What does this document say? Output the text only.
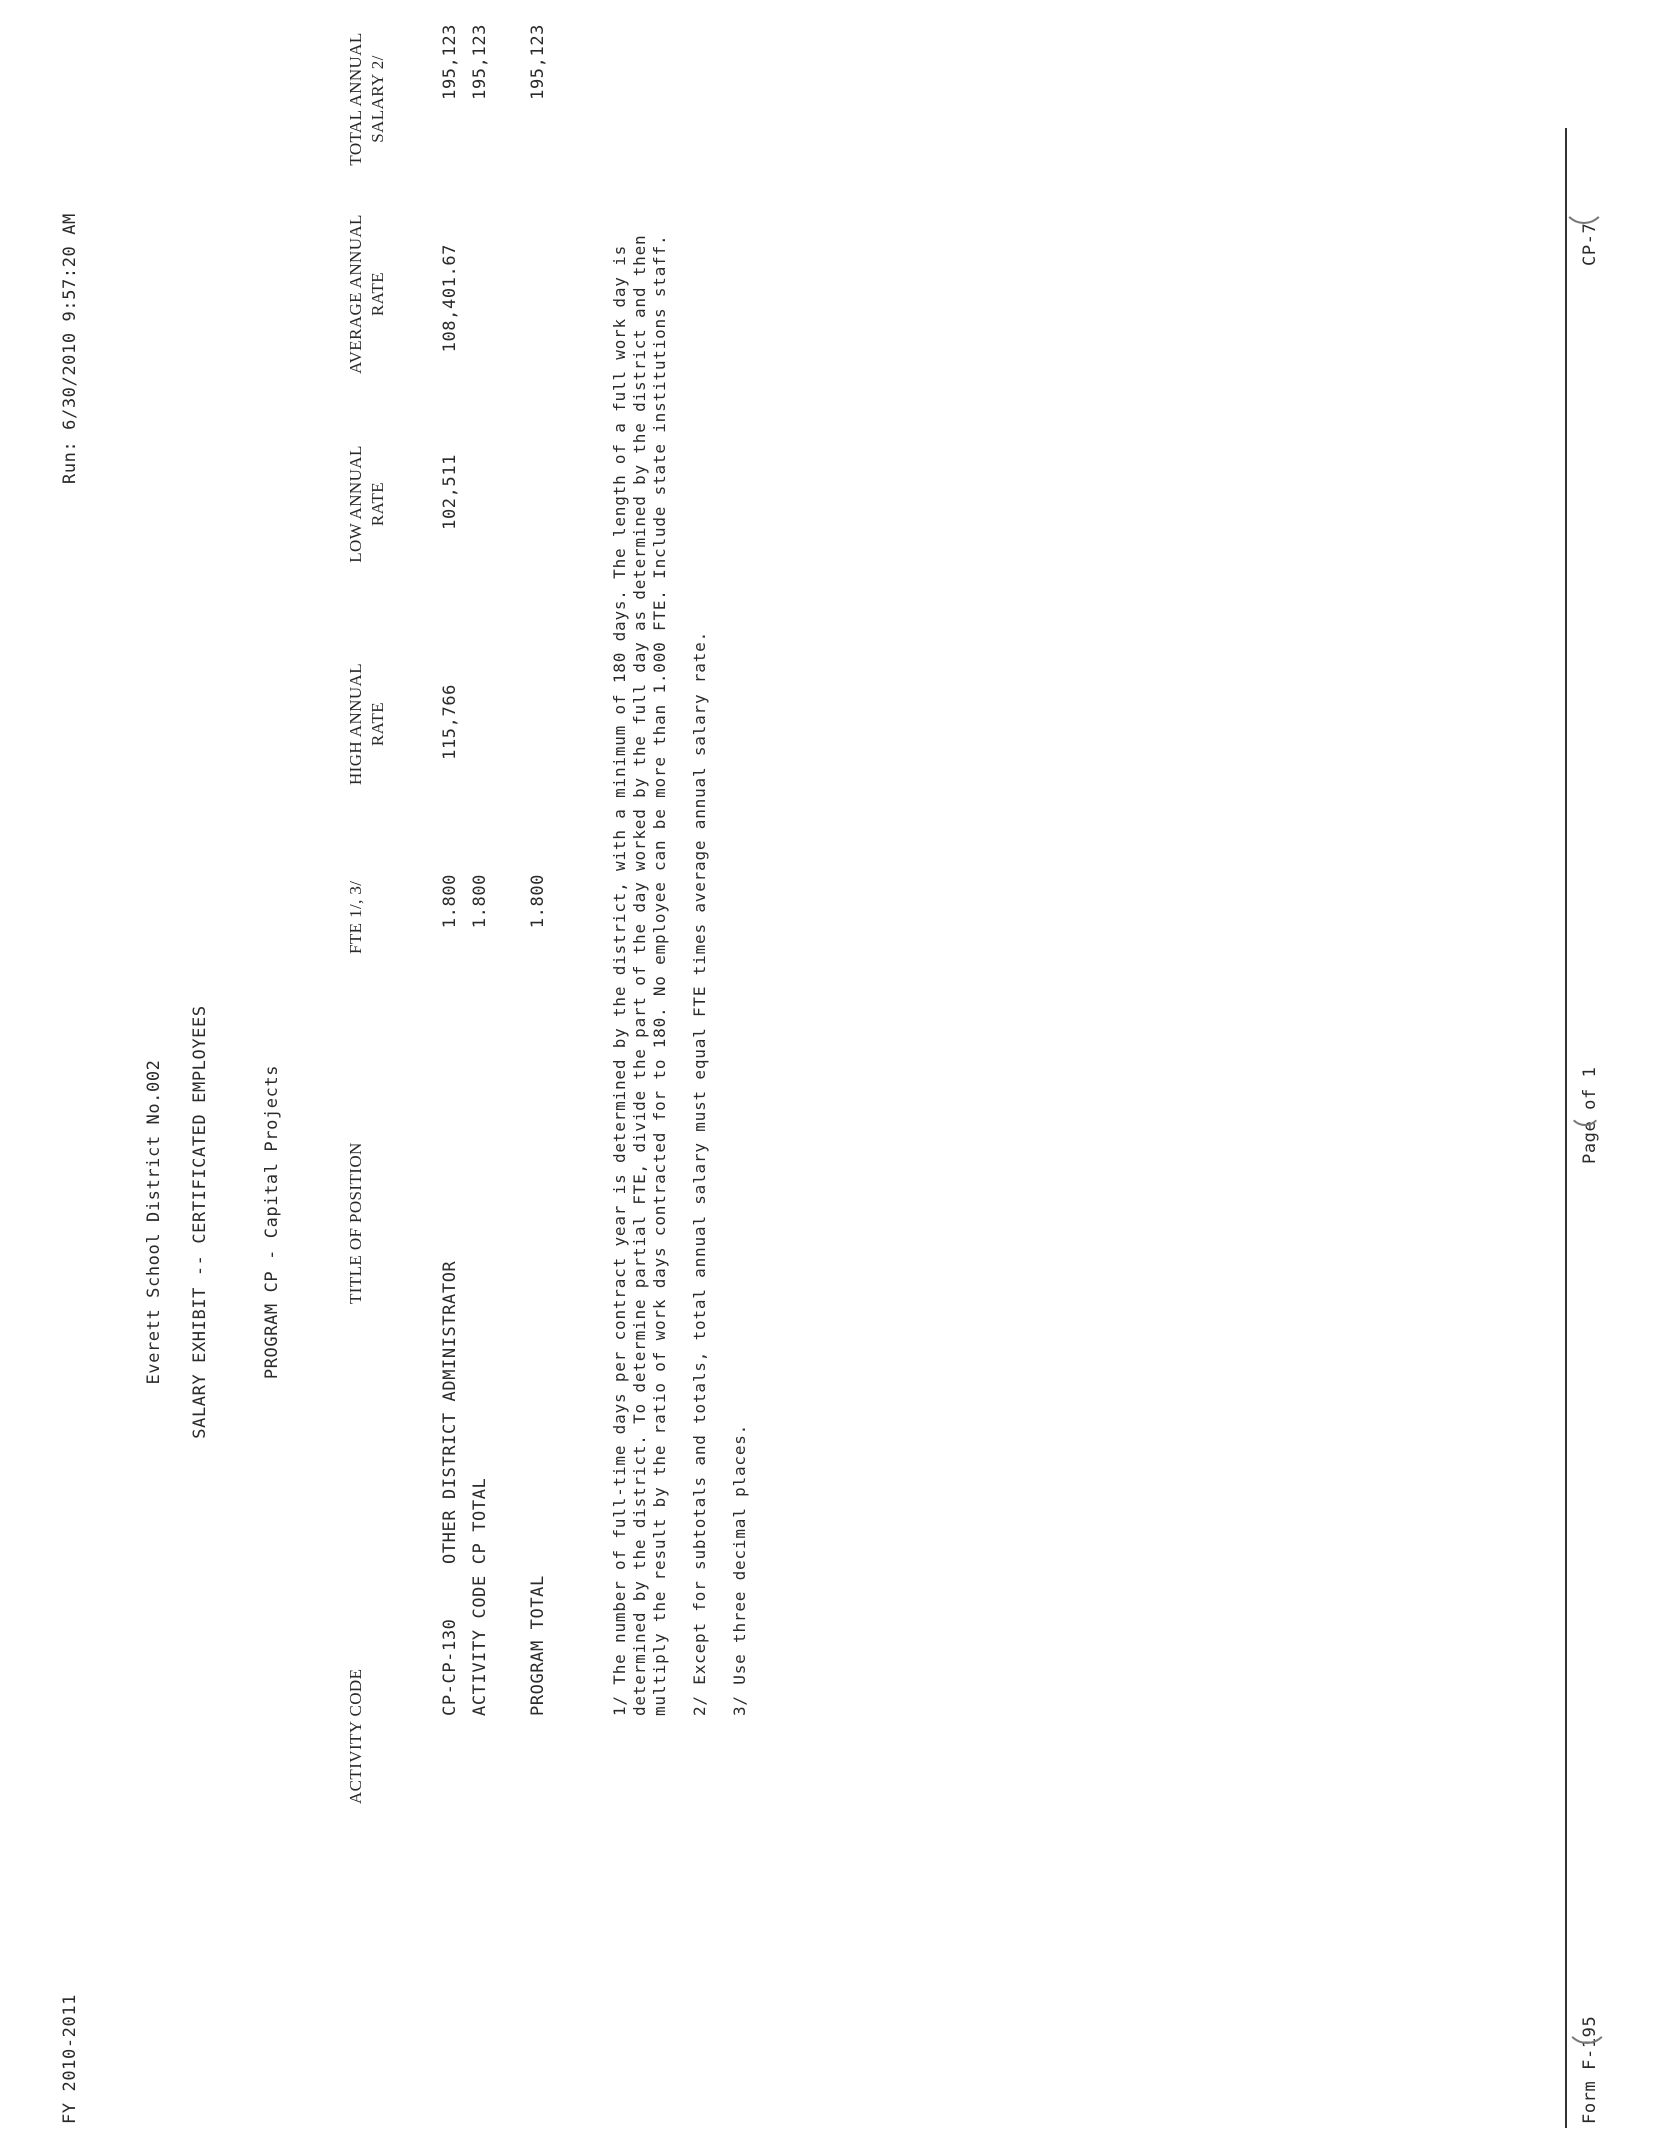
FY 2010-2011
Everett School District No.002
Run: 6/30/2010 9:57:20 AM
SALARY EXHIBIT -- CERTIFICATED EMPLOYEES	PROGRAM CP - Capital Projects
ACTIVITY CODE
TITLE OF POSITION
FTE 1/, 3/
HIGH ANNUAL RATE
LOW ANNUAL RATE
AVERAGE ANNUAL RATE
TOTAL ANNUAL SALARY 2/
CP-CP-130
OTHER DISTRICT ADMINISTRATOR
1.800
115,766
102,511
108,401.67
195,123
ACTIVITY CODE CP TOTAL
1.800
195,123
PROGRAM TOTAL
1.800
195,123
1/ The number of full-time days per contract year is determined by the district, with a minimum of 180 days. The length of a full work day is determined by the district. To determine partial FTE, divide the part of the day worked by the full day as determined by the district and then multiply the result by the ratio of work days contracted for to 180. No employee can be more than 1.000 FTE. Include state institutions staff. 2/ Except for subtotals and totals, total annual salary must equal FTE times average annual salary rate. 3/ Use three decimal places.
Form F-195
Page of 1
CP-7
